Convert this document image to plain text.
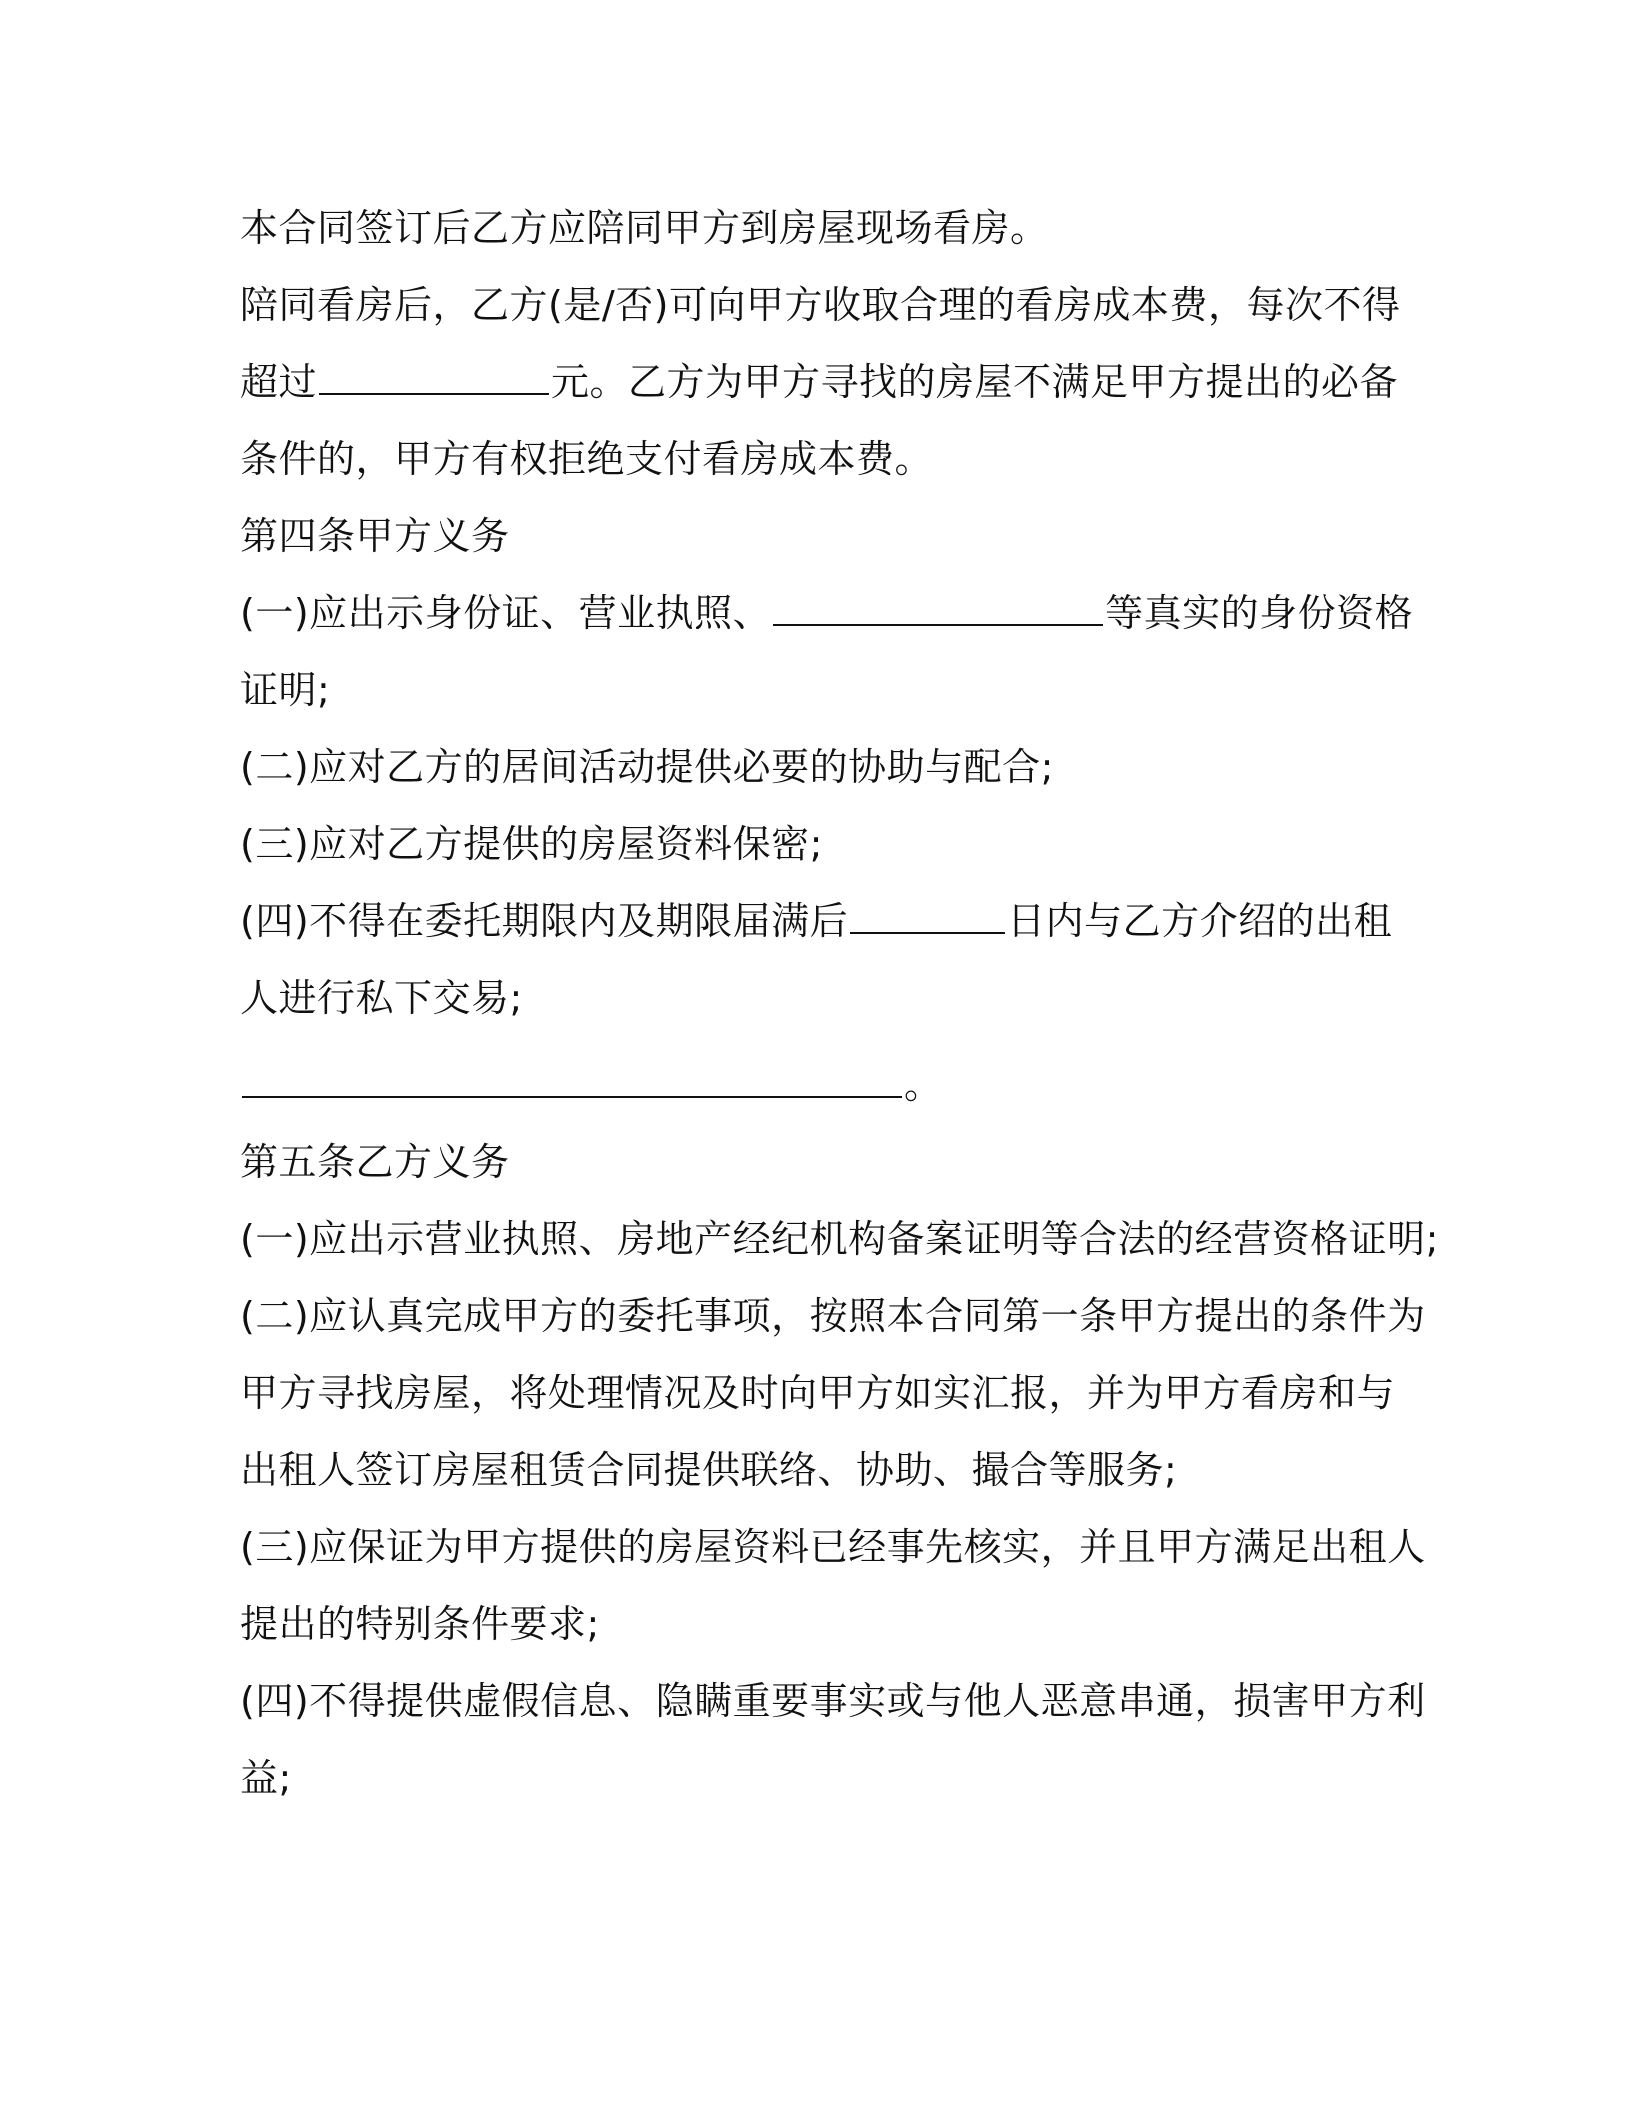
本合同签订后乙方应陪同甲方到房屋现场看房。
陪同看房后，乙方(是/否)可向甲方收取合理的看房成本费，每次不得
超过	元。乙方为甲方寻找的房屋不满足甲方提出的必备
条件的，甲方有权拒绝支付看房成本费。
第四条甲方义务
(一)应出示身份证、营业执照、	等真实的身份资格
证明;
(二)应对乙方的居间活动提供必要的协助与配合;
(三)应对乙方提供的房屋资料保密;
(四)不得在委托期限内及期限届满后	日内与乙方介绍的出租
人进行私下交易;
。
第五条乙方义务
(一)应出示营业执照、房地产经纪机构备案证明等合法的经营资格证明;
(二)应认真完成甲方的委托事项，按照本合同第一条甲方提出的条件为
甲方寻找房屋，将处理情况及时向甲方如实汇报，并为甲方看房和与
出租人签订房屋租赁合同提供联络、协助、撮合等服务;
(三)应保证为甲方提供的房屋资料已经事先核实，并且甲方满足出租人
提出的特别条件要求;
(四)不得提供虚假信息、隐瞒重要事实或与他人恶意串通，损害甲方利
益;
